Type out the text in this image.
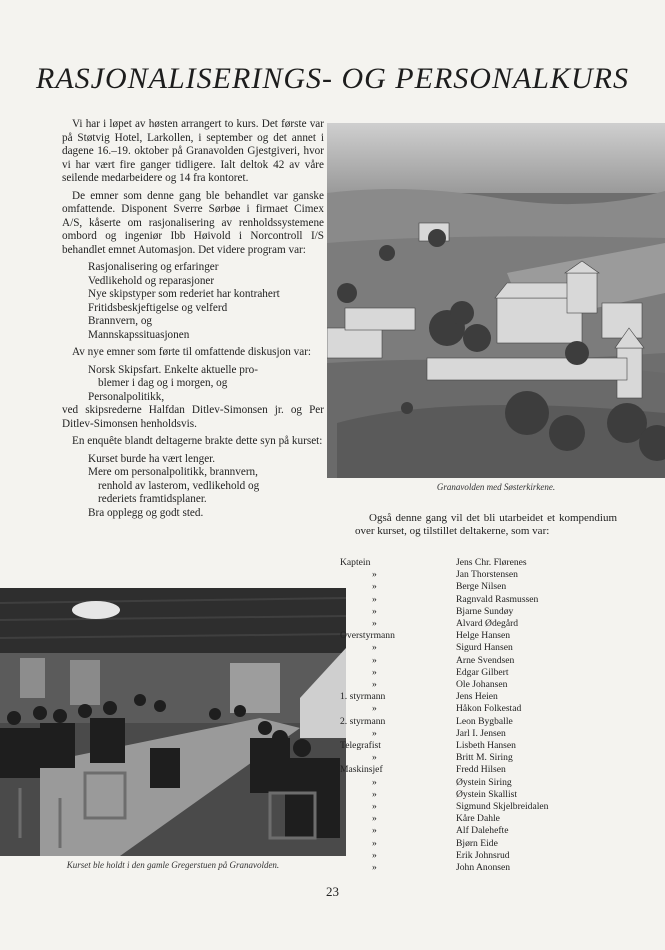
RASJONALISERINGS- OG PERSONALKURS

Vi har i løpet av høsten arrangert to kurs. Det første var på Støtvig Hotel, Larkollen, i september og det annet i dagene 16.–19. oktober på Granavolden Gjestgiveri, hvor vi har vært fire ganger tidligere. Ialt deltok 42 av våre seilende medarbeidere og 14 fra kontoret.

De emner som denne gang ble behandlet var ganske omfattende. Disponent Sverre Sørbøe i firmaet Cimex A/S, kåserte om rasjonalisering av renholdssystemene ombord og ingeniør Ibb Høivold i Norcontroll I/S behandlet emnet Automasjon. Det videre program var:

Rasjonalisering og erfaringer
Vedlikehold og reparasjoner
Nye skipstyper som rederiet har kontrahert
Fritidsbeskjeftigelse og velferd
Brannvern, og
Mannskapssituasjonen

Av nye emner som førte til omfattende diskusjon var:

Norsk Skipsfart. Enkelte aktuelle pro-
blemer i dag og i morgen, og
Personalpolitikk,

ved skipsrederne Halfdan Ditlev-Simonsen jr. og Per Ditlev-Simonsen henholdsvis.

En enquête blandt deltagerne brakte dette syn på kurset:

Kurset burde ha vært lenger.
Mere om personalpolitikk, brannvern,
renhold av lasterom, vedlikehold og
rederiets framtidsplaner.
Bra opplegg og godt sted.
Granavolden med Søsterkirkene.

Også denne gang vil det bli utarbeidet et kompendium over kurset, og tilstillet deltakerne, som var:

Kurset ble holdt i den gamle Gregerstuen på Granavolden.
Kaptein	Jens Chr. Flørenes
»	Jan Thorstensen
»	Berge Nilsen
»	Ragnvald Rasmussen
»	Bjarne Sundøy
»	Alvard Ødegård
Overstyrmann	Helge Hansen
»	Sigurd Hansen
»	Arne Svendsen
»	Edgar Gilbert
»	Ole Johansen
1. styrmann	Jens Heien
»	Håkon Folkestad
2. styrmann	Leon Bygballe
»	Jarl I. Jensen
Telegrafist	Lisbeth Hansen
»	Britt M. Siring
Maskinsjef	Fredd Hilsen
»	Øystein Siring
»	Øystein Skallist
»	Sigmund Skjelbreidalen
»	Kåre Dahle
»	Alf Dalehefte
»	Bjørn Eide
»	Erik Johnsrud
»	John Anonsen
23
